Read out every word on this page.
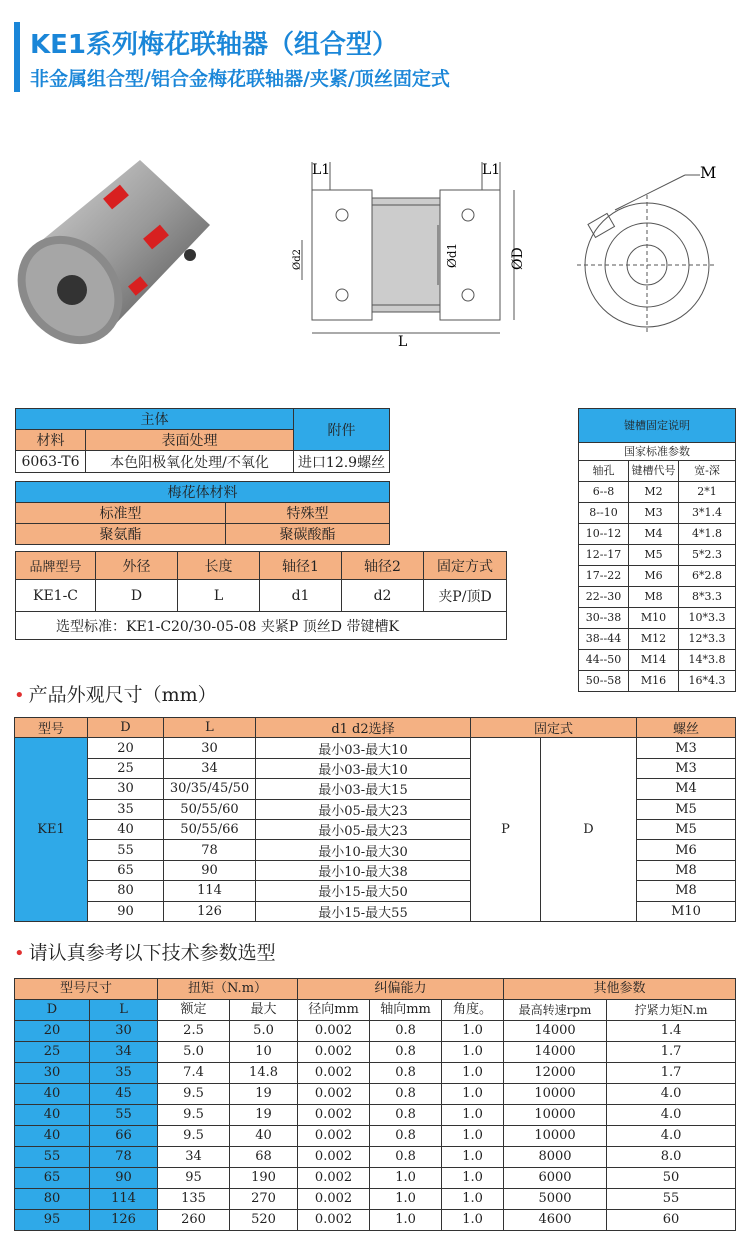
KE1系列梅花联轴器（组合型）
非金属组合型/铝合金梅花联轴器/夹紧/顶丝固定式
L1	L1
L
Ød2	Ød1	ØD
M
主体		附件
材料	表面处理	
6063-T6	本色阳极氧化处理/不氧化	进口12.9螺丝
梅花体材料	
标准型	特殊型
聚氨酯	聚碳酸酯
品牌型号	外径	长度	轴径1	轴径2	固定方式
KE1-C	D	L	d1	d2	夹P/顶D
选型标准：KE1-C20/30-05-08 夹紧P 顶丝D 带键槽K					
键槽固定说明		
国家标准参数		
轴孔	键槽代号	宽-深
6--8	M2	2*1
8--10	M3	3*1.4
10--12	M4	4*1.8
12--17	M5	5*2.3
17--22	M6	6*2.8
22--30	M8	8*3.3
30--38	M10	10*3.3
38--44	M12	12*3.3
44--50	M14	14*3.8
50--58	M16	16*4.3
• 产品外观尺寸（mm）
型号	D	L	d1 d2选择	固定式		螺丝
KE1	20	30	最小03-最大10	P	D	M3
	25	34	最小03-最大10			M3
	30	30/35/45/50	最小03-最大15			M4
	35	50/55/60	最小05-最大23			M5
	40	50/55/66	最小05-最大23			M5
	55	78	最小10-最大30			M6
	65	90	最小10-最大38			M8
	80	114	最小15-最大50			M8
	90	126	最小15-最大55			M10
• 请认真参考以下技术参数选型
型号尺寸		扭矩（N.m）		纠偏能力			其他参数	
D	L	额定	最大	径向mm	轴向mm	角度。	最高转速rpm	拧紧力矩N.m
20	30	2.5	5.0	0.002	0.8	1.0	14000	1.4
25	34	5.0	10	0.002	0.8	1.0	14000	1.7
30	35	7.4	14.8	0.002	0.8	1.0	12000	1.7
40	45	9.5	19	0.002	0.8	1.0	10000	4.0
40	55	9.5	19	0.002	0.8	1.0	10000	4.0
40	66	9.5	40	0.002	0.8	1.0	10000	4.0
55	78	34	68	0.002	0.8	1.0	8000	8.0
65	90	95	190	0.002	1.0	1.0	6000	50
80	114	135	270	0.002	1.0	1.0	5000	55
95	126	260	520	0.002	1.0	1.0	4600	60
